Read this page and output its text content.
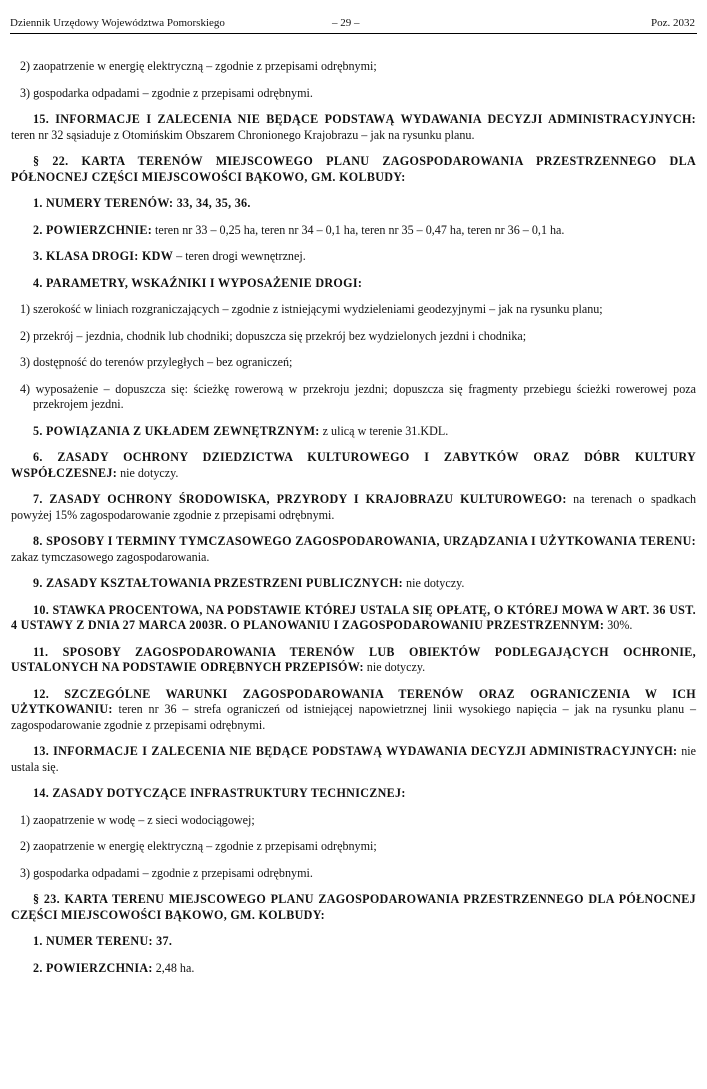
Dziennik Urzędowy Województwa Pomorskiego	– 29 –	Poz. 2032

2) zaopatrzenie w energię elektryczną – zgodnie z przepisami odrębnymi;

3) gospodarka odpadami – zgodnie z przepisami odrębnymi.

15. INFORMACJE I ZALECENIA NIE BĘDĄCE PODSTAWĄ WYDAWANIA DECYZJI ADMINISTRACYJNYCH: teren nr 32 sąsiaduje z Otomińskim Obszarem Chronionego Krajobrazu – jak na rysunku planu.

§ 22. KARTA TERENÓW MIEJSCOWEGO PLANU ZAGOSPODAROWANIA PRZESTRZENNEGO DLA PÓŁNOCNEJ CZĘŚCI MIEJSCOWOŚCI BĄKOWO, GM. KOLBUDY:

1. NUMERY TERENÓW: 33, 34, 35, 36.

2. POWIERZCHNIE: teren nr 33 – 0,25 ha, teren nr 34 – 0,1 ha, teren nr 35 – 0,47 ha, teren nr 36 – 0,1 ha.

3. KLASA DROGI: KDW – teren drogi wewnętrznej.

4. PARAMETRY, WSKAŹNIKI I WYPOSAŻENIE DROGI:

1) szerokość w liniach rozgraniczających – zgodnie z istniejącymi wydzieleniami geodezyjnymi – jak na rysunku planu;

2) przekrój – jezdnia, chodnik lub chodniki; dopuszcza się przekrój bez wydzielonych jezdni i chodnika;

3) dostępność do terenów przyległych – bez ograniczeń;

4) wyposażenie – dopuszcza się: ścieżkę rowerową w przekroju jezdni; dopuszcza się fragmenty przebiegu ścieżki rowerowej poza przekrojem jezdni.

5. POWIĄZANIA Z UKŁADEM ZEWNĘTRZNYM: z ulicą w terenie 31.KDL.

6. ZASADY OCHRONY DZIEDZICTWA KULTUROWEGO I ZABYTKÓW ORAZ DÓBR KULTURY WSPÓŁCZESNEJ: nie dotyczy.

7. ZASADY OCHRONY ŚRODOWISKA, PRZYRODY I KRAJOBRAZU KULTUROWEGO: na terenach o spadkach powyżej 15% zagospodarowanie zgodnie z przepisami odrębnymi.

8. SPOSOBY I TERMINY TYMCZASOWEGO ZAGOSPODAROWANIA, URZĄDZANIA I UŻYTKOWANIA TERENU: zakaz tymczasowego zagospodarowania.

9. ZASADY KSZTAŁTOWANIA PRZESTRZENI PUBLICZNYCH: nie dotyczy.

10. STAWKA PROCENTOWA, NA PODSTAWIE KTÓREJ USTALA SIĘ OPŁATĘ, O KTÓREJ MOWA W ART. 36 UST. 4 USTAWY Z DNIA 27 MARCA 2003R. O PLANOWANIU I ZAGOSPODAROWANIU PRZESTRZENNYM: 30%.

11. SPOSOBY ZAGOSPODAROWANIA TERENÓW LUB OBIEKTÓW PODLEGAJĄCYCH OCHRONIE, USTALONYCH NA PODSTAWIE ODRĘBNYCH PRZEPISÓW: nie dotyczy.

12. SZCZEGÓLNE WARUNKI ZAGOSPODAROWANIA TERENÓW ORAZ OGRANICZENIA W ICH UŻYTKOWANIU: teren nr 36 – strefa ograniczeń od istniejącej napowietrznej linii wysokiego napięcia – jak na rysunku planu – zagospodarowanie zgodnie z przepisami odrębnymi.

13. INFORMACJE I ZALECENIA NIE BĘDĄCE PODSTAWĄ WYDAWANIA DECYZJI ADMINISTRACYJNYCH: nie ustala się.

14. ZASADY DOTYCZĄCE INFRASTRUKTURY TECHNICZNEJ:

1) zaopatrzenie w wodę – z sieci wodociągowej;

2) zaopatrzenie w energię elektryczną – zgodnie z przepisami odrębnymi;

3) gospodarka odpadami – zgodnie z przepisami odrębnymi.

§ 23. KARTA TERENU MIEJSCOWEGO PLANU ZAGOSPODAROWANIA PRZESTRZENNEGO DLA PÓŁNOCNEJ CZĘŚCI MIEJSCOWOŚCI BĄKOWO, GM. KOLBUDY:

1. NUMER TERENU: 37.

2. POWIERZCHNIA: 2,48 ha.
